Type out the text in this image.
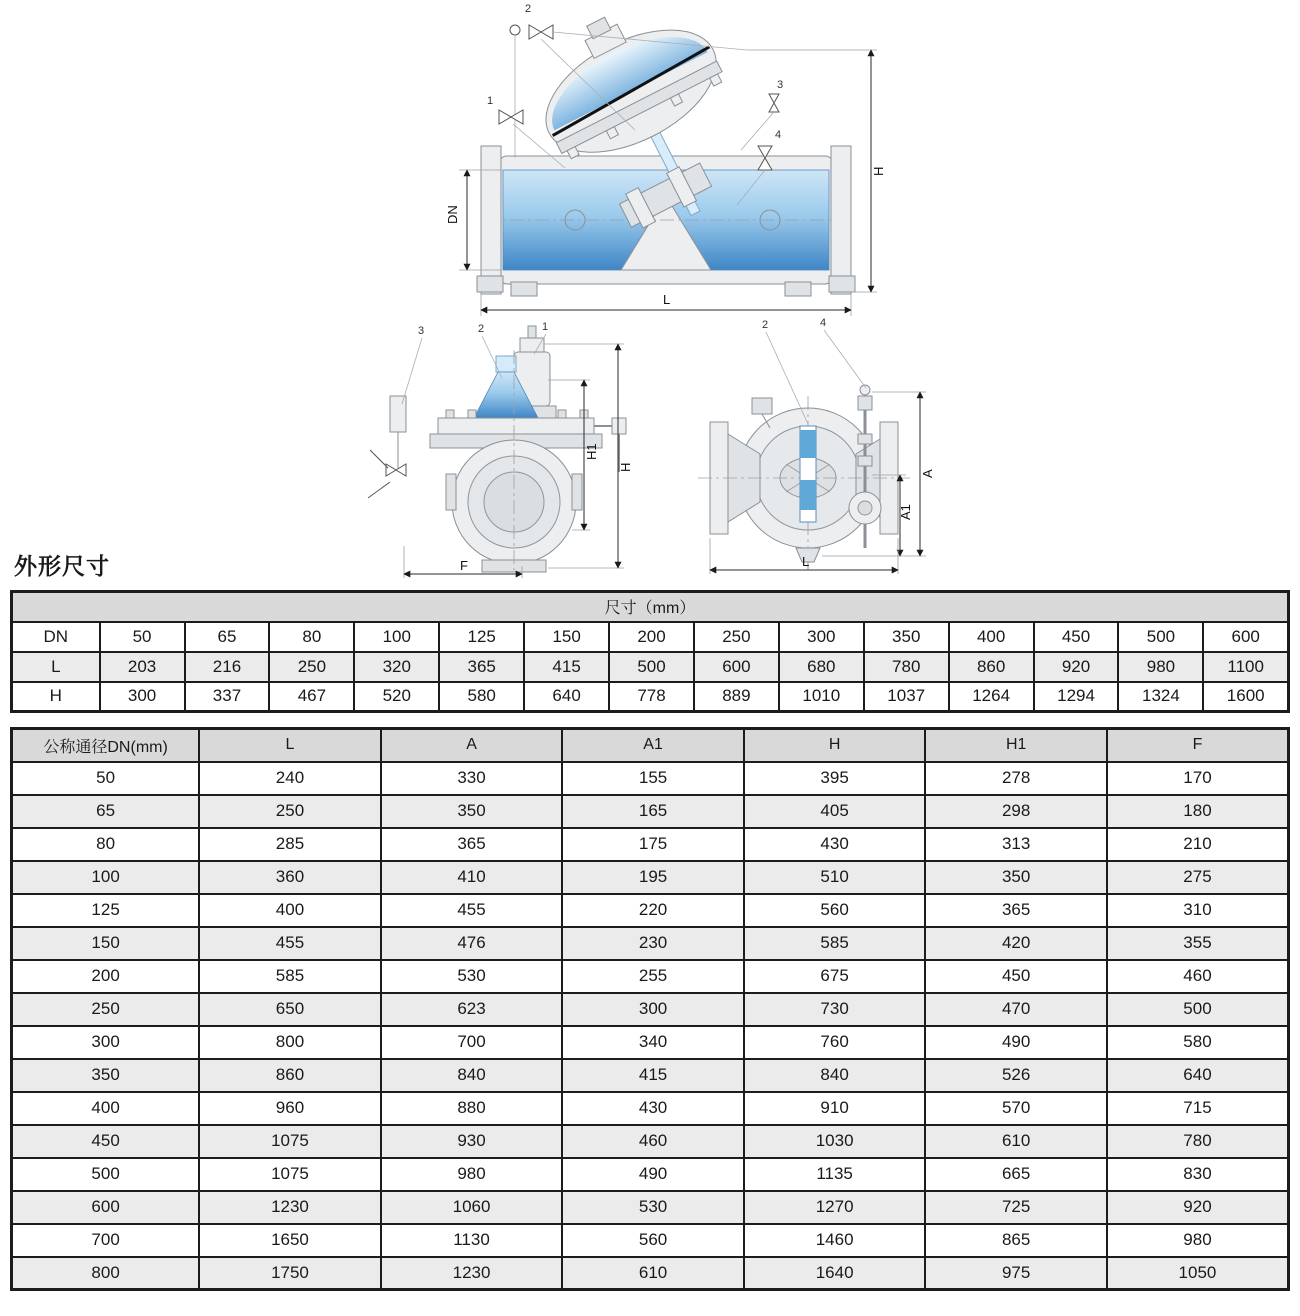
1
2
3
4
DN
L
H
3	2	1
H1
H
F
2	4
A
A1
L
外形尺寸
尺寸（mm）														
DN	50	65	80	100	125	150	200	250	300	350	400	450	500	600
L	203	216	250	320	365	415	500	600	680	780	860	920	980	1100
H	300	337	467	520	580	640	778	889	1010	1037	1264	1294	1324	1600
公称通径DN(mm)	L	A	A1	H	H1	F
50	240	330	155	395	278	170
65	250	350	165	405	298	180
80	285	365	175	430	313	210
100	360	410	195	510	350	275
125	400	455	220	560	365	310
150	455	476	230	585	420	355
200	585	530	255	675	450	460
250	650	623	300	730	470	500
300	800	700	340	760	490	580
350	860	840	415	840	526	640
400	960	880	430	910	570	715
450	1075	930	460	1030	610	780
500	1075	980	490	1135	665	830
600	1230	1060	530	1270	725	920
700	1650	1130	560	1460	865	980
800	1750	1230	610	1640	975	1050
